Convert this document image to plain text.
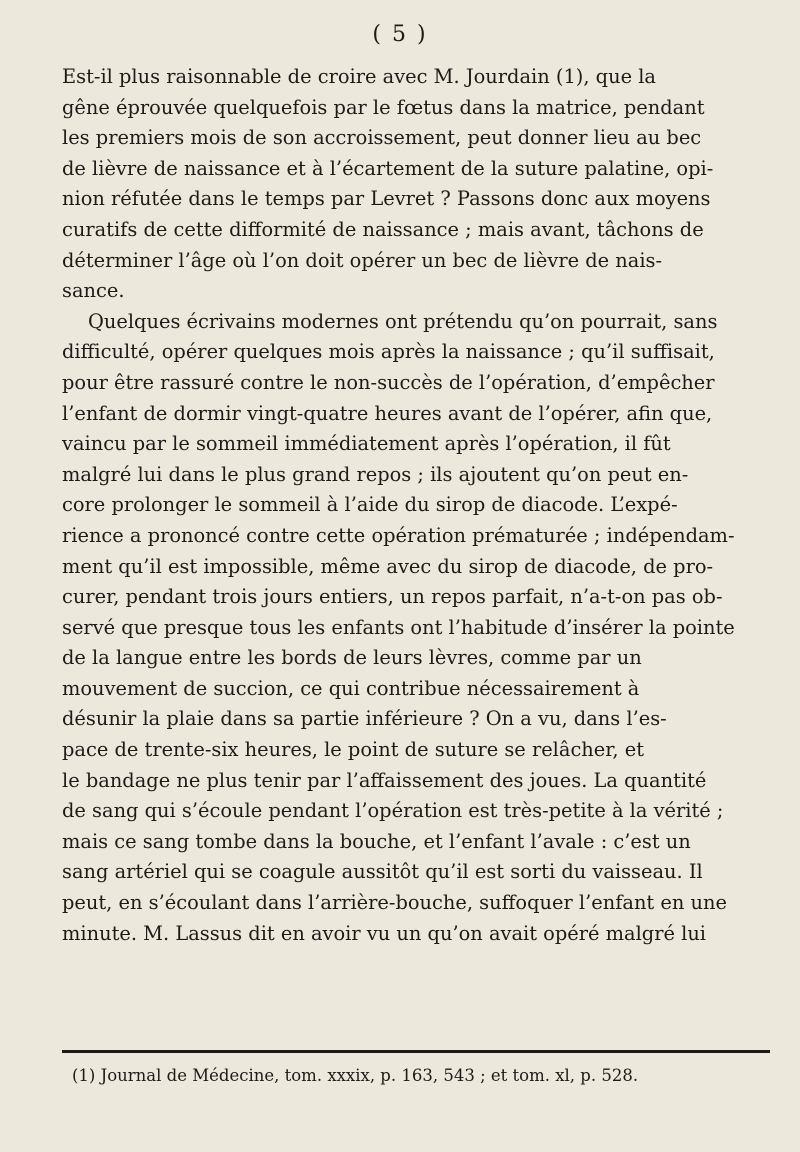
( 5 )
Est-il plus raisonnable de croire avec M. Jourdain (1), que la
gêne éprouvée quelquefois par le fœtus dans la matrice, pendant
les premiers mois de son accroissement, peut donner lieu au bec
de lièvre de naissance et à l’écartement de la suture palatine, opi-
nion réfutée dans le temps par Levret ? Passons donc aux moyens
curatifs de cette difformité de naissance ; mais avant, tâchons de
déterminer l’âge où l’on doit opérer un bec de lièvre de nais-
sance.
Quelques écrivains modernes ont prétendu qu’on pourrait, sans
difficulté, opérer quelques mois après la naissance ; qu’il suffisait,
pour être rassuré contre le non-succès de l’opération, d’empêcher
l’enfant de dormir vingt-quatre heures avant de l’opérer, afin que,
vaincu par le sommeil immédiatement après l’opération, il fût
malgré lui dans le plus grand repos ; ils ajoutent qu’on peut en-
core prolonger le sommeil à l’aide du sirop de diacode. L’expé-
rience a prononcé contre cette opération prématurée ; indépendam-
ment qu’il est impossible, même avec du sirop de diacode, de pro-
curer, pendant trois jours entiers, un repos parfait, n’a-t-on pas ob-
servé que presque tous les enfants ont l’habitude d’insérer la pointe
de la langue entre les bords de leurs lèvres, comme par un
mouvement de succion, ce qui contribue nécessairement à
désunir la plaie dans sa partie inférieure ? On a vu, dans l’es-
pace de trente-six heures, le point de suture se relâcher, et
le bandage ne plus tenir par l’affaissement des joues. La quantité
de sang qui s’écoule pendant l’opération est très-petite à la vérité ;
mais ce sang tombe dans la bouche, et l’enfant l’avale : c’est un
sang artériel qui se coagule aussitôt qu’il est sorti du vaisseau. Il
peut, en s’écoulant dans l’arrière-bouche, suffoquer l’enfant en une
minute. M. Lassus dit en avoir vu un qu’on avait opéré malgré lui
(1) Journal de Médecine, tom. xxxix, p. 163, 543 ; et tom. xl, p. 528.
